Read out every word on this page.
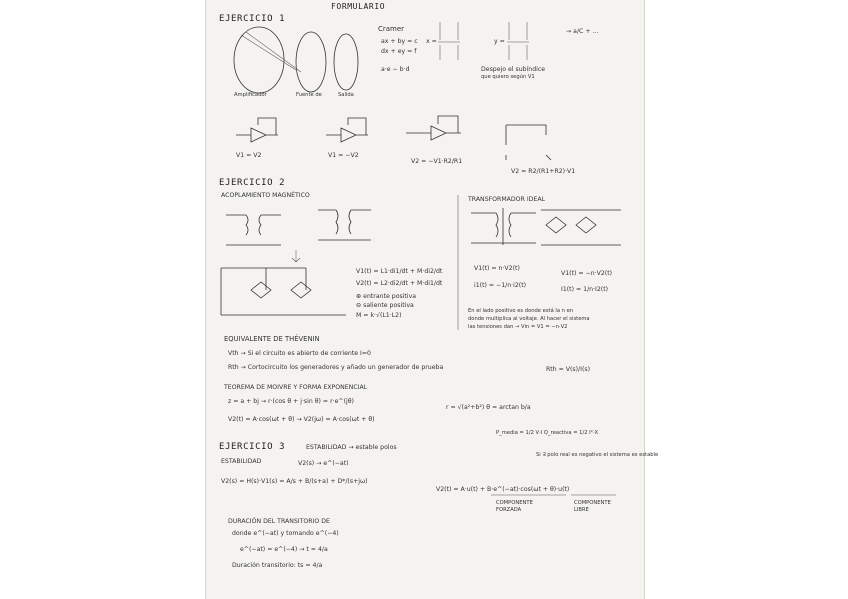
FORMULARIO
EJERCICIO 1
Amplificador	Fuente de	Salida
Cramer
ax + by = c
dx + ey = f
x =	y =
a·e − b·d	Despejo el subíndice
que quiero según V1
→ a/C + ...
V1 = V2	V1 = −V2
V2 = −V1·R2/R1
V2 = R2/(R1+R2)·V1
EJERCICIO 2
ACOPLAMIENTO MAGNÉTICO
TRANSFORMADOR IDEAL
V1(t) = L1·di1/dt + M·di2/dt
V2(t) = L2·di2/dt + M·di1/dt
⊕ entrante positiva
⊖ saliente positiva
M = k·√(L1·L2)
V1(t) = n·V2(t)
V1(t) = −n·V2(t)
i1(t) = −1/n·i2(t)
I1(t) = 1/n·I2(t)
En el lado positivo es donde está la n en
donde multiplica al voltaje. Al hacer el sistema
las tensiones dan → Vin = V1 = −n·V2
EQUIVALENTE DE THÉVENIN
Vth → Si el circuito es abierto de corriente I=0
Rth → Cortocircuito los generadores y añado un generador de prueba	Rth = V(s)/I(s)
TEOREMA DE MOIVRE Y FORMA EXPONENCIAL
z = a + bj → r·(cos θ + j·sin θ) = r·e^(jθ)
r = √(a²+b²) θ = arctan b/a
V2(t) = A·cos(ωt + θ) → V2(jω) = A·cos(ωt + θ)
P_media = 1/2 V·I Q_reactiva = 1/2 I²·X
EJERCICIO 3	ESTABILIDAD → estable polos
Si ∃ polo real es negativo el sistema es estable
ESTABILIDAD	V2(s) → e^(−at)
V2(s) = H(s)·V1(s) = A/s + B/(s+a) + D*/(s+jω)
V2(t) = A·u(t) + B·e^(−at)·cos(ωt + θ)·u(t)
COMPONENTE
FORZADA
COMPONENTE
LIBRE
DURACIÓN DEL TRANSITORIO DE
donde e^(−at) y tomando e^(−4)
e^(−at) = e^(−4) → t = 4/a
Duración transitorio: ts = 4/a
